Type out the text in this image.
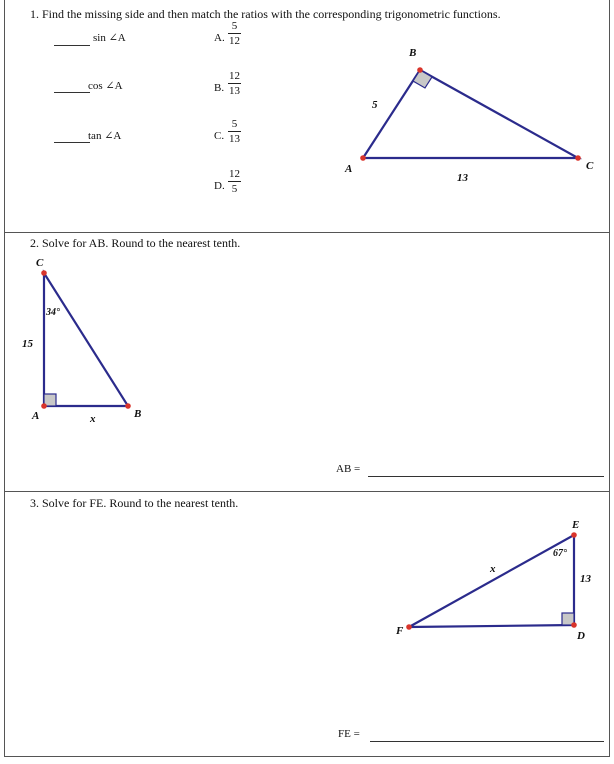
1. Find the missing side and then match the ratios with the corresponding trigonometric functions.
sin ∠A
cos ∠A
tan ∠A
A.
5
12
B.
12
13
C.
5
13
D.
12
5
B
A	C
5
13
2. Solve for AB. Round to the nearest tenth.
C
A	B
15
x
34°
AB =
3. Solve for FE. Round to the nearest tenth.
E
D
F
13
x
67°
FE =
